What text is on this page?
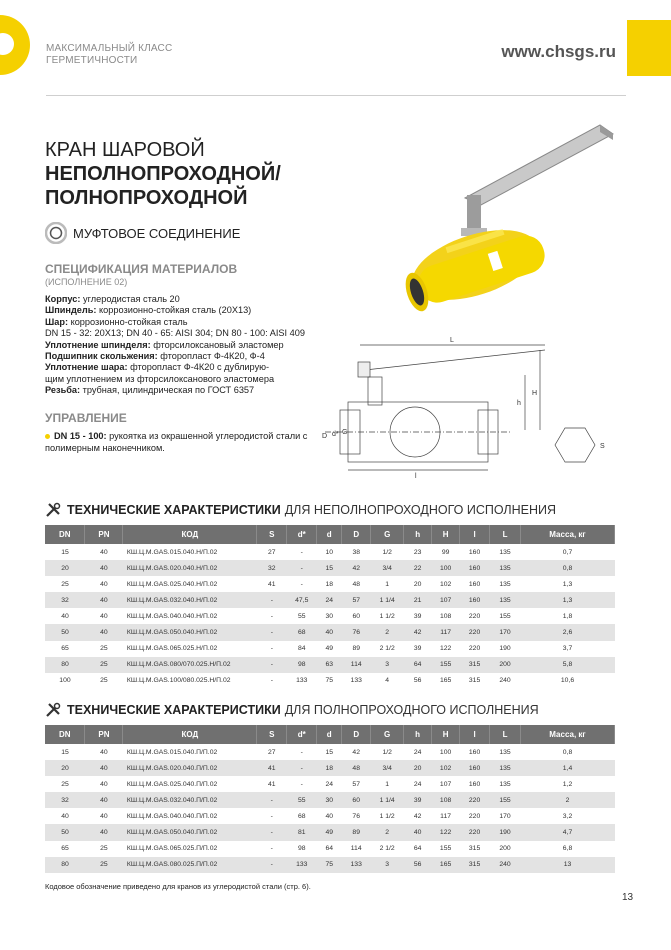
МАКСИМАЛЬНЫЙ КЛАСС
ГЕРМЕТИЧНОСТИ	www.chsgs.ru
КРАН ШАРОВОЙ
НЕПОЛНОПРОХОДНОЙ/
ПОЛНОПРОХОДНОЙ
МУФТОВОЕ СОЕДИНЕНИЕ
СПЕЦИФИКАЦИЯ МАТЕРИАЛОВ
(ИСПОЛНЕНИЕ 02)
Корпус: углеродистая сталь 20
Шпиндель: коррозионно-стойкая сталь (20Х13)
Шар: коррозионно-стойкая сталь
DN 15 - 32: 20X13; DN 40 - 65: AISI 304; DN 80 - 100: AISI 409
Уплотнение шпинделя: фторсилоксановый эластомер
Подшипник скольжения: фторопласт Ф-4К20, Ф-4
Уплотнение шара: фторопласт Ф-4К20 с дублирую-
щим уплотнением из фторсилоксанового эластомера
Резьба: трубная, цилиндрическая по ГОСТ 6357
УПРАВЛЕНИЕ
DN 15 - 100: рукоятка из окрашенной углеродистой стали с полимерным наконечником.
L
H
h
l
D d* G
S
ТЕХНИЧЕСКИЕ ХАРАКТЕРИСТИКИ ДЛЯ НЕПОЛНОПРОХОДНОГО ИСПОЛНЕНИЯ
DN	PN	КОД	S	d*	d	D	G	h	H	l	L	Масса, кг
15	40	КШ.Ц.М.GAS.015.040.Н/П.02	27	-	10	38	1/2	23	99	160	135	0,7
20	40	КШ.Ц.М.GAS.020.040.Н/П.02	32	-	15	42	3/4	22	100	160	135	0,8
25	40	КШ.Ц.М.GAS.025.040.Н/П.02	41	-	18	48	1	20	102	160	135	1,3
32	40	КШ.Ц.М.GAS.032.040.Н/П.02	-	47,5	24	57	1 1/4	21	107	160	135	1,3
40	40	КШ.Ц.М.GAS.040.040.Н/П.02	-	55	30	60	1 1/2	39	108	220	155	1,8
50	40	КШ.Ц.М.GAS.050.040.Н/П.02	-	68	40	76	2	42	117	220	170	2,6
65	25	КШ.Ц.М.GAS.065.025.Н/П.02	-	84	49	89	2 1/2	39	122	220	190	3,7
80	25	КШ.Ц.М.GAS.080/070.025.Н/П.02	-	98	63	114	3	64	155	315	200	5,8
100	25	КШ.Ц.М.GAS.100/080.025.Н/П.02	-	133	75	133	4	56	165	315	240	10,6
ТЕХНИЧЕСКИЕ ХАРАКТЕРИСТИКИ ДЛЯ ПОЛНОПРОХОДНОГО ИСПОЛНЕНИЯ
DN	PN	КОД	S	d*	d	D	G	h	H	l	L	Масса, кг
15	40	КШ.Ц.М.GAS.015.040.П/П.02	27	-	15	42	1/2	24	100	160	135	0,8
20	40	КШ.Ц.М.GAS.020.040.П/П.02	41	-	18	48	3/4	20	102	160	135	1,4
25	40	КШ.Ц.М.GAS.025.040.П/П.02	41	-	24	57	1	24	107	160	135	1,2
32	40	КШ.Ц.М.GAS.032.040.П/П.02	-	55	30	60	1 1/4	39	108	220	155	2
40	40	КШ.Ц.М.GAS.040.040.П/П.02	-	68	40	76	1 1/2	42	117	220	170	3,2
50	40	КШ.Ц.М.GAS.050.040.П/П.02	-	81	49	89	2	40	122	220	190	4,7
65	25	КШ.Ц.М.GAS.065.025.П/П.02	-	98	64	114	2 1/2	64	155	315	200	6,8
80	25	КШ.Ц.М.GAS.080.025.П/П.02	-	133	75	133	3	56	165	315	240	13
Кодовое обозначение приведено для кранов из углеродистой стали (стр. 6).
13
